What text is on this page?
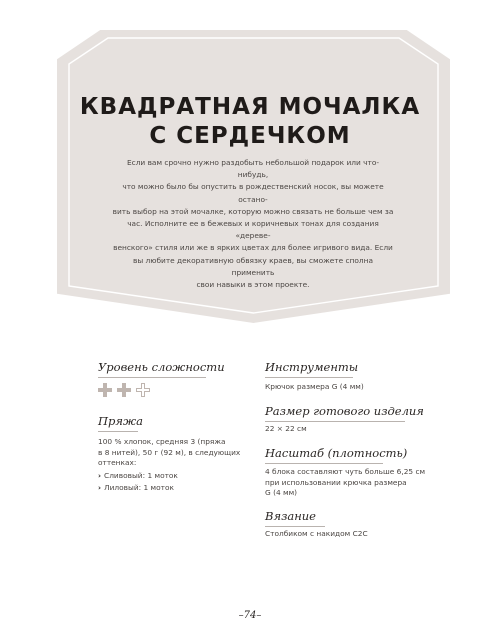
КВАДРАТНАЯ МОЧАЛКА
С СЕРДЕЧКОМ

Если вам срочно нужно раздобыть небольшой подарок или что-нибудь,

что можно было бы опустить в рождественский носок, вы можете остано-

вить выбор на этой мочалке, которую можно связать не больше чем за

час. Исполните ее в бежевых и коричневых тонах для создания «дереве-

венского» стиля или же в ярких цветах для более игривого вида. Если

вы любите декоративную обвязку краев, вы сможете сполна применить

свои навыки в этом проекте.

Уровень сложности
Пряжа
100 % хлопок, средняя 3 (пряжа
в 8 нитей), 50 г (92 м), в следующих
оттенках:
› Сливовый: 1 моток
› Лиловый: 1 моток
Инструменты
Крючок размера G (4 мм)
Размер готового изделия
22 × 22 см
Насштаб (плотность)
4 блока составляют чуть больше 6,25 см
при использовании крючка размера
G (4 мм)
Вязание
Столбиком с накидом С2С
–74–
